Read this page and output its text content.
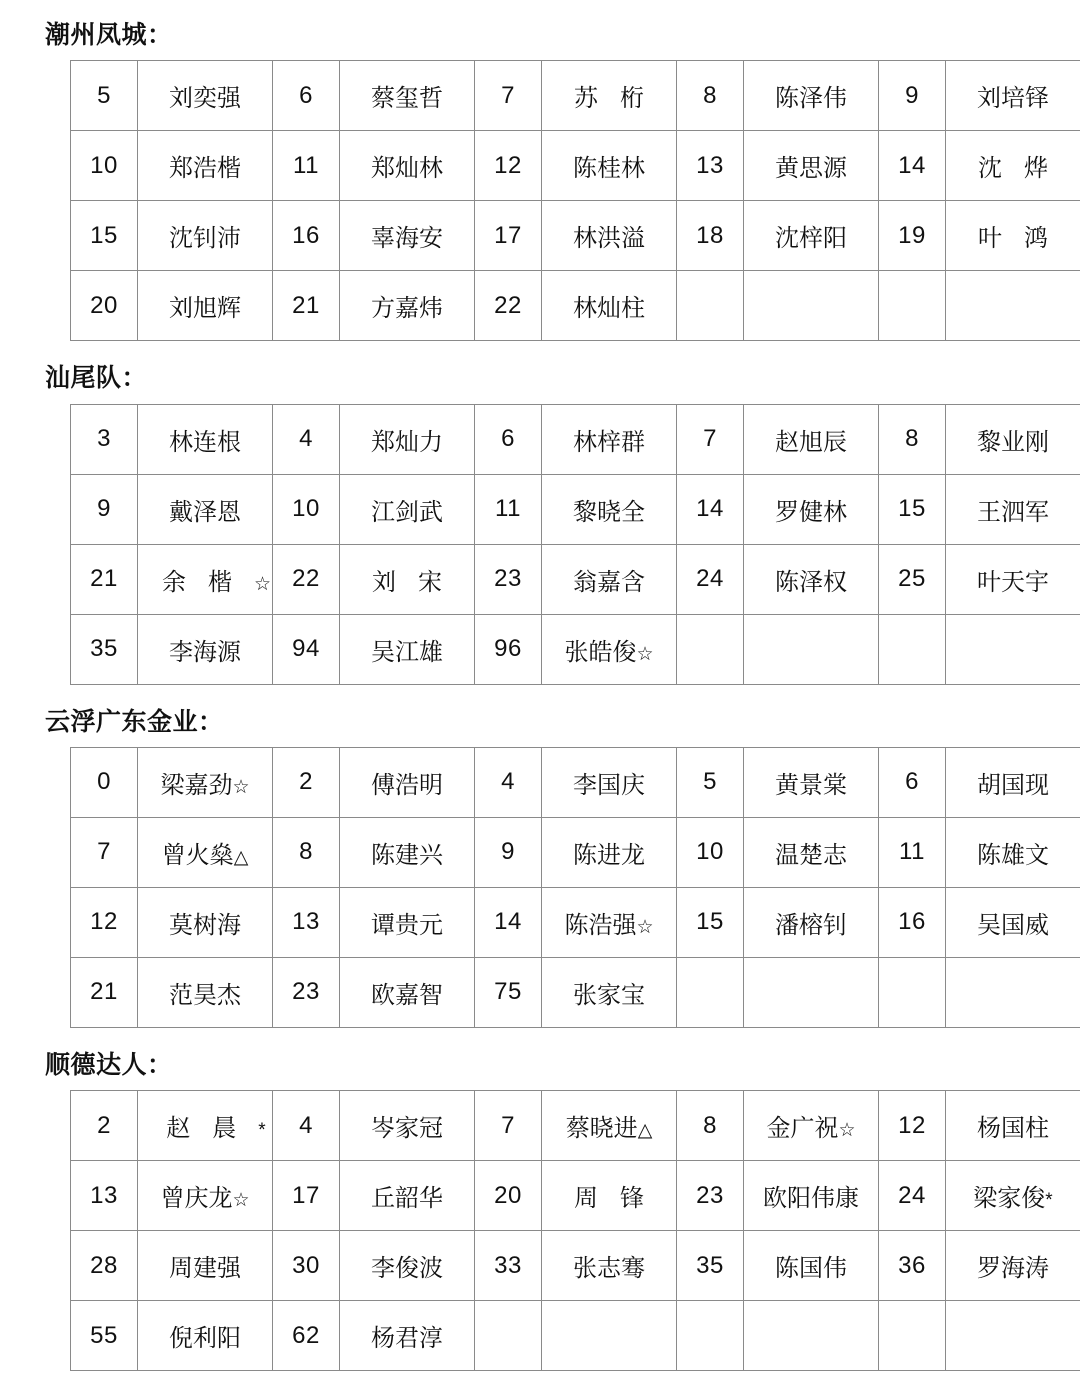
潮州凤城：
5	刘奕强	6	蔡玺哲	7	苏桁	8	陈泽伟	9	刘培铎
10	郑浩楷	11	郑灿林	12	陈桂林	13	黄思源	14	沈烨
15	沈钊沛	16	辜海安	17	林洪溢	18	沈梓阳	19	叶鸿
20	刘旭辉	21	方嘉炜	22	林灿柱				
汕尾队：
3	林连根	4	郑灿力	6	林梓群	7	赵旭辰	8	黎业刚
9	戴泽恩	10	江剑武	11	黎晓全	14	罗健林	15	王泗军
21	余楷☆	22	刘宋	23	翁嘉含	24	陈泽权	25	叶天宇
35	李海源	94	吴江雄	96	张皓俊☆				
云浮广东金业：
0	梁嘉劲☆	2	傅浩明	4	李国庆	5	黄景棠	6	胡国现
7	曾火燊△	8	陈建兴	9	陈进龙	10	温楚志	11	陈雄文
12	莫树海	13	谭贵元	14	陈浩强☆	15	潘榕钊	16	吴国威
21	范昊杰	23	欧嘉智	75	张家宝				
顺德达人：
2	赵晨*	4	岑家冠	7	蔡晓进△	8	金广祝☆	12	杨国柱
13	曾庆龙☆	17	丘韶华	20	周锋	23	欧阳伟康	24	梁家俊*
28	周建强	30	李俊波	33	张志骞	35	陈国伟	36	罗海涛
55	倪利阳	62	杨君淳						
